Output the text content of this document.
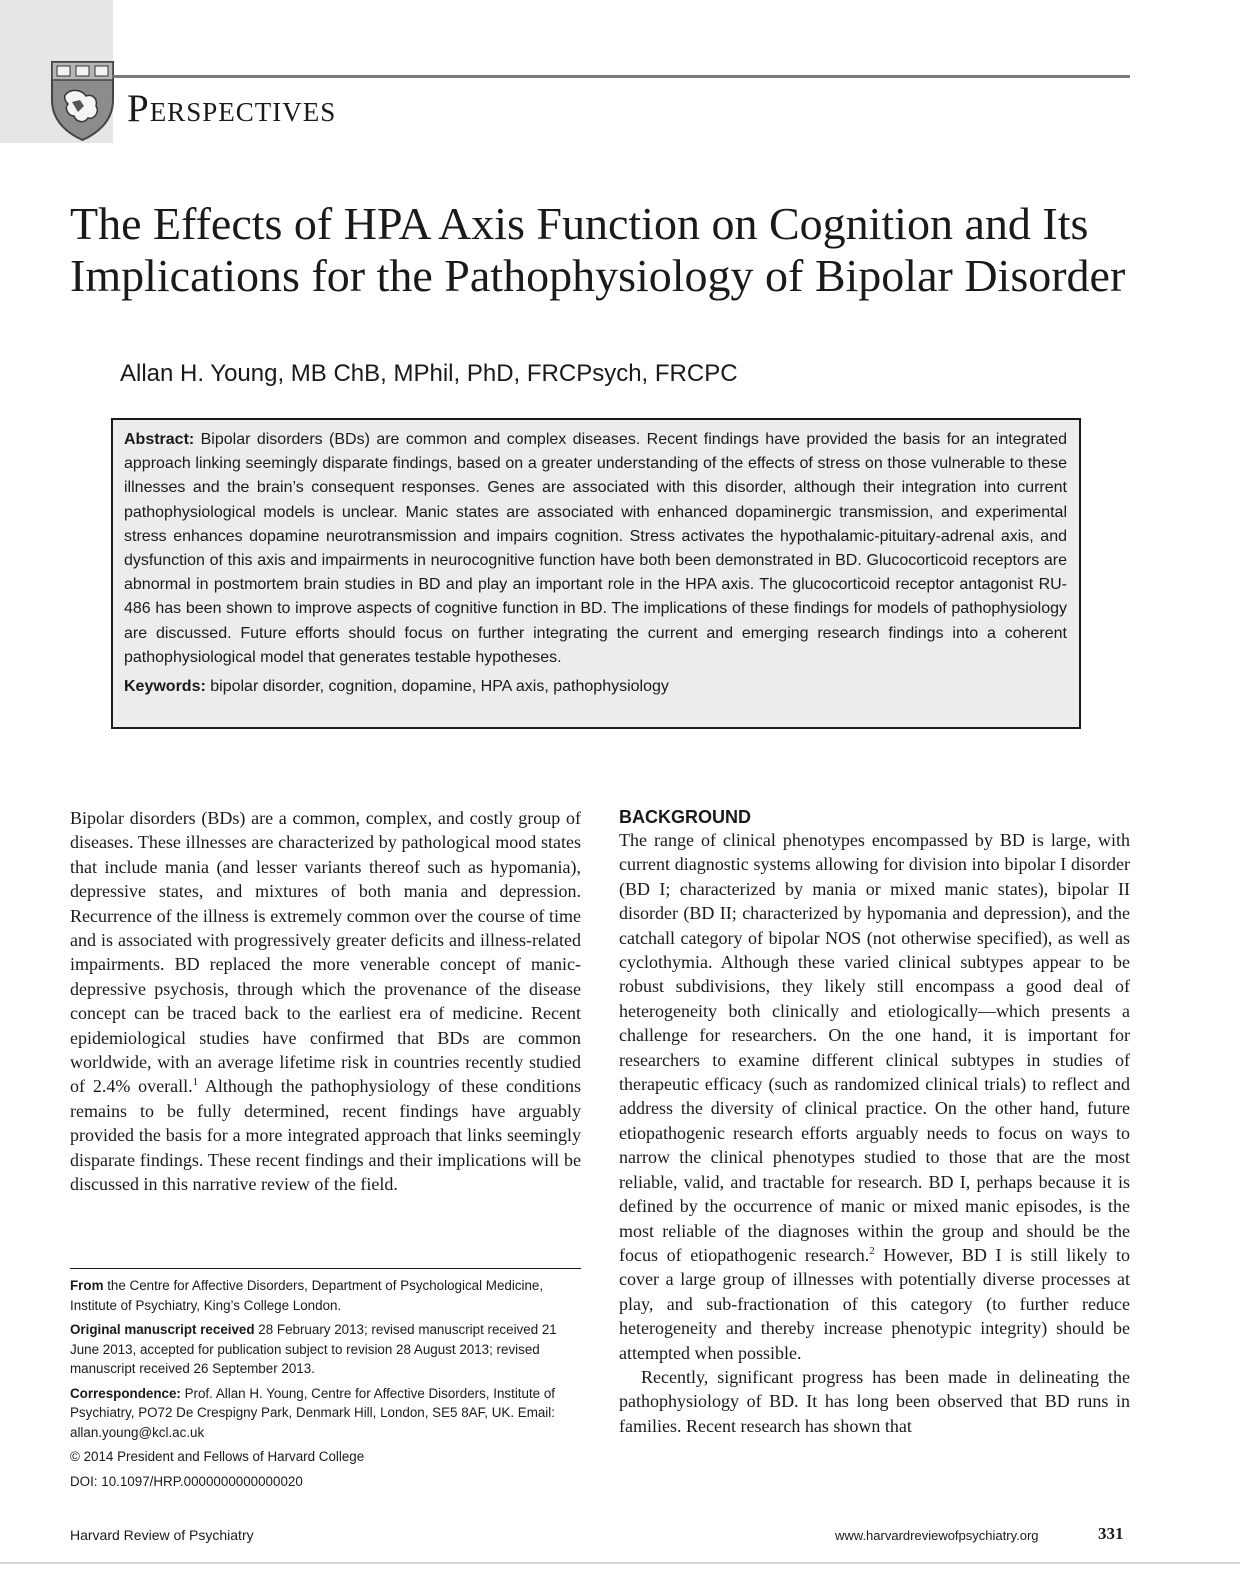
Perspectives
The Effects of HPA Axis Function on Cognition and Its Implications for the Pathophysiology of Bipolar Disorder

Allan H. Young, MB ChB, MPhil, PhD, FRCPsych, FRCPC

Abstract: Bipolar disorders (BDs) are common and complex diseases. Recent findings have provided the basis for an integrated approach linking seemingly disparate findings, based on a greater understanding of the effects of stress on those vulnerable to these illnesses and the brain’s consequent responses. Genes are associated with this disorder, although their integration into current pathophysiological models is unclear. Manic states are associated with enhanced dopaminergic transmission, and experimental stress enhances dopamine neurotransmission and impairs cognition. Stress activates the hypothalamic-pituitary-adrenal axis, and dysfunction of this axis and impairments in neurocognitive function have both been demonstrated in BD. Glucocorticoid receptors are abnormal in postmortem brain studies in BD and play an important role in the HPA axis. The glucocorticoid receptor antagonist RU-486 has been shown to improve aspects of cognitive function in BD. The implications of these findings for models of pathophysiology are discussed. Future efforts should focus on further integrating the current and emerging research findings into a coherent pathophysiological model that generates testable hypotheses.

Keywords: bipolar disorder, cognition, dopamine, HPA axis, pathophysiology

Bipolar disorders (BDs) are a common, complex, and costly group of diseases. These illnesses are characterized by pathological mood states that include mania (and lesser variants thereof such as hypomania), depressive states, and mixtures of both mania and depression. Recurrence of the illness is extremely common over the course of time and is associated with progressively greater deficits and illness-related impairments. BD replaced the more venerable concept of manic-depressive psychosis, through which the provenance of the disease concept can be traced back to the earliest era of medicine. Recent epidemiological studies have confirmed that BDs are common worldwide, with an average lifetime risk in countries recently studied of 2.4% overall.$^1$ Although the pathophysiology of these conditions remains to be fully determined, recent findings have arguably provided the basis for a more integrated approach that links seemingly disparate findings. These recent findings and their implications will be discussed in this narrative review of the field.

BACKGROUND

The range of clinical phenotypes encompassed by BD is large, with current diagnostic systems allowing for division into bipolar I disorder (BD I; characterized by mania or mixed manic states), bipolar II disorder (BD II; characterized by hypomania and depression), and the catchall category of bipolar NOS (not otherwise specified), as well as cyclothymia. Although these varied clinical subtypes appear to be robust subdivisions, they likely still encompass a good deal of heterogeneity both clinically and etiologically—which presents a challenge for researchers. On the one hand, it is important for researchers to examine different clinical subtypes in studies of therapeutic efficacy (such as randomized clinical trials) to reflect and address the diversity of clinical practice. On the other hand, future etiopathogenic research efforts arguably needs to focus on ways to narrow the clinical phenotypes studied to those that are the most reliable, valid, and tractable for research. BD I, perhaps because it is defined by the occurrence of manic or mixed manic episodes, is the most reliable of the diagnoses within the group and should be the focus of etiopathogenic research.$^2$ However, BD I is still likely to cover a large group of illnesses with potentially diverse processes at play, and sub-fractionation of this category (to further reduce heterogeneity and thereby increase phenotypic integrity) should be attempted when possible.

Recently, significant progress has been made in delineating the pathophysiology of BD. It has long been observed that BD runs in families. Recent research has shown that

From the Centre for Affective Disorders, Department of Psychological Medicine, Institute of Psychiatry, King’s College London.

Original manuscript received 28 February 2013; revised manuscript received 21 June 2013, accepted for publication subject to revision 28 August 2013; revised manuscript received 26 September 2013.

Correspondence: Prof. Allan H. Young, Centre for Affective Disorders, Institute of Psychiatry, PO72 De Crespigny Park, Denmark Hill, London, SE5 8AF, UK. Email: allan.young@kcl.ac.uk

© 2014 President and Fellows of Harvard College

DOI: 10.1097/HRP.0000000000000020

Harvard Review of Psychiatry	www.harvardreviewofpsychiatry.org	331
